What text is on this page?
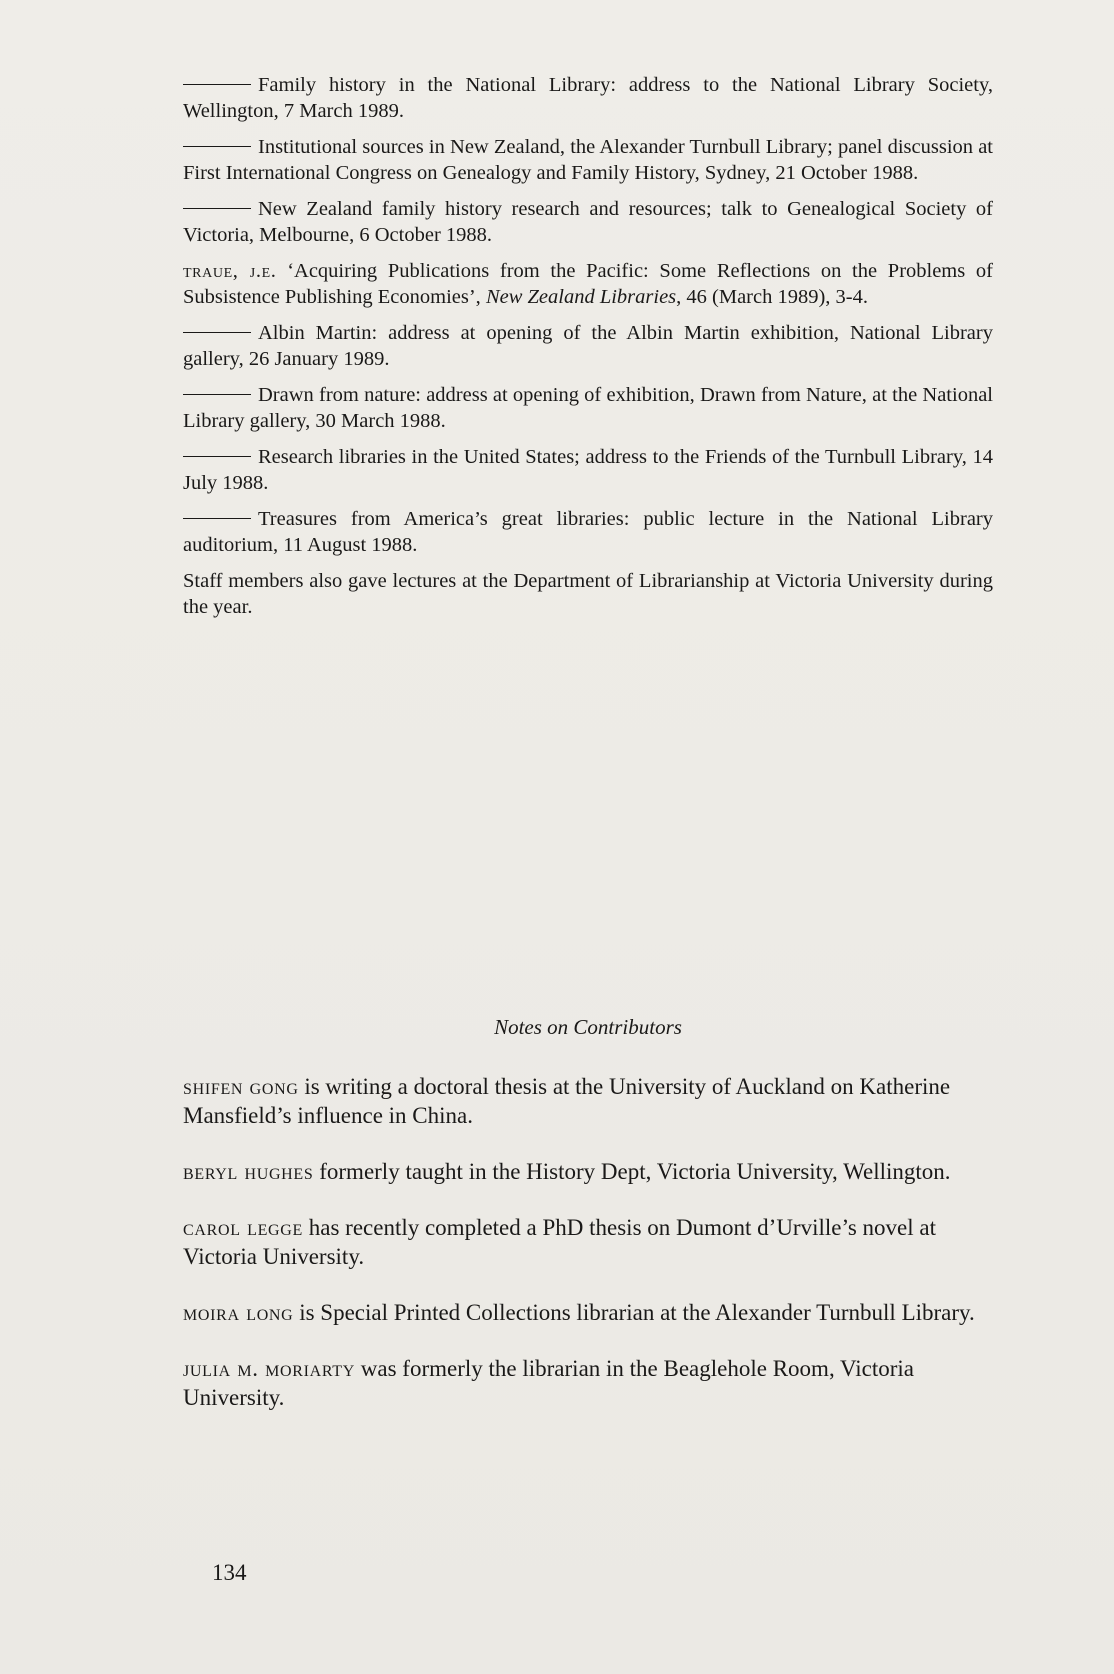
Family history in the National Library: address to the National Library Society, Wellington, 7 March 1989.

Institutional sources in New Zealand, the Alexander Turnbull Library; panel discussion at First International Congress on Genealogy and Family History, Sydney, 21 October 1988.

New Zealand family history research and resources; talk to Genealogical Society of Victoria, Melbourne, 6 October 1988.

traue, j.e. ‘Acquiring Publications from the Pacific: Some Reflections on the Problems of Subsistence Publishing Economies’, New Zealand Libraries, 46 (March 1989), 3-4.

Albin Martin: address at opening of the Albin Martin exhibition, National Library gallery, 26 January 1989.

Drawn from nature: address at opening of exhibition, Drawn from Nature, at the National Library gallery, 30 March 1988.

Research libraries in the United States; address to the Friends of the Turnbull Library, 14 July 1988.

Treasures from America’s great libraries: public lecture in the National Library auditorium, 11 August 1988.

Staff members also gave lectures at the Department of Librarianship at Victoria University during the year.

Notes on Contributors

shifen gong is writing a doctoral thesis at the University of Auckland on Katherine Mansfield’s influence in China.

beryl hughes formerly taught in the History Dept, Victoria University, Wellington.

carol legge has recently completed a PhD thesis on Dumont d’Urville’s novel at Victoria University.

moira long is Special Printed Collections librarian at the Alexander Turnbull Library.

julia m. moriarty was formerly the librarian in the Beaglehole Room, Victoria University.

134
